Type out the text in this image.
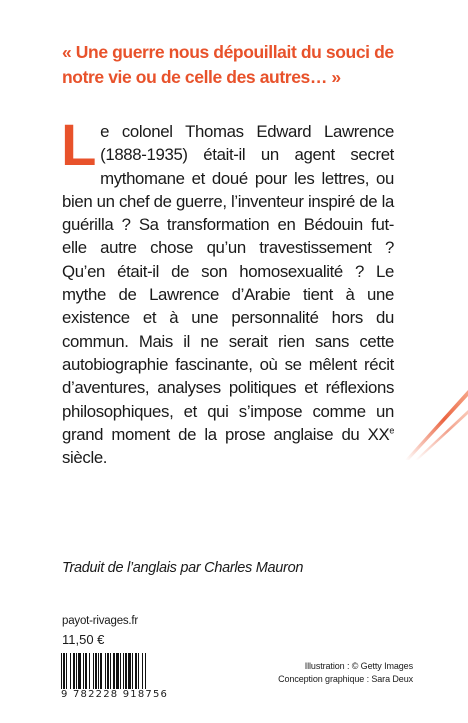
« Une guerre nous dépouillait du souci de notre vie ou de celle des autres… »

Le colonel Thomas Edward Lawrence (1888-1935) était-il un agent secret mythomane et doué pour les lettres, ou bien un chef de guerre, l’inventeur inspiré de la guérilla ? Sa transformation en Bédouin fut-elle autre chose qu’un travestissement ? Qu’en était-il de son homosexualité ? Le mythe de Lawrence d’Arabie tient à une existence et à une personnalité hors du commun. Mais il ne serait rien sans cette autobiographie fascinante, où se mêlent récit d’aventures, analyses politiques et réflexions philosophiques, et qui s’impose comme un grand moment de la prose anglaise du XXe siècle.

Traduit de l’anglais par Charles Mauron

payot-rivages.fr
11,50 €
9 782228 918756
Illustration : © Getty Images
Conception graphique : Sara Deux
